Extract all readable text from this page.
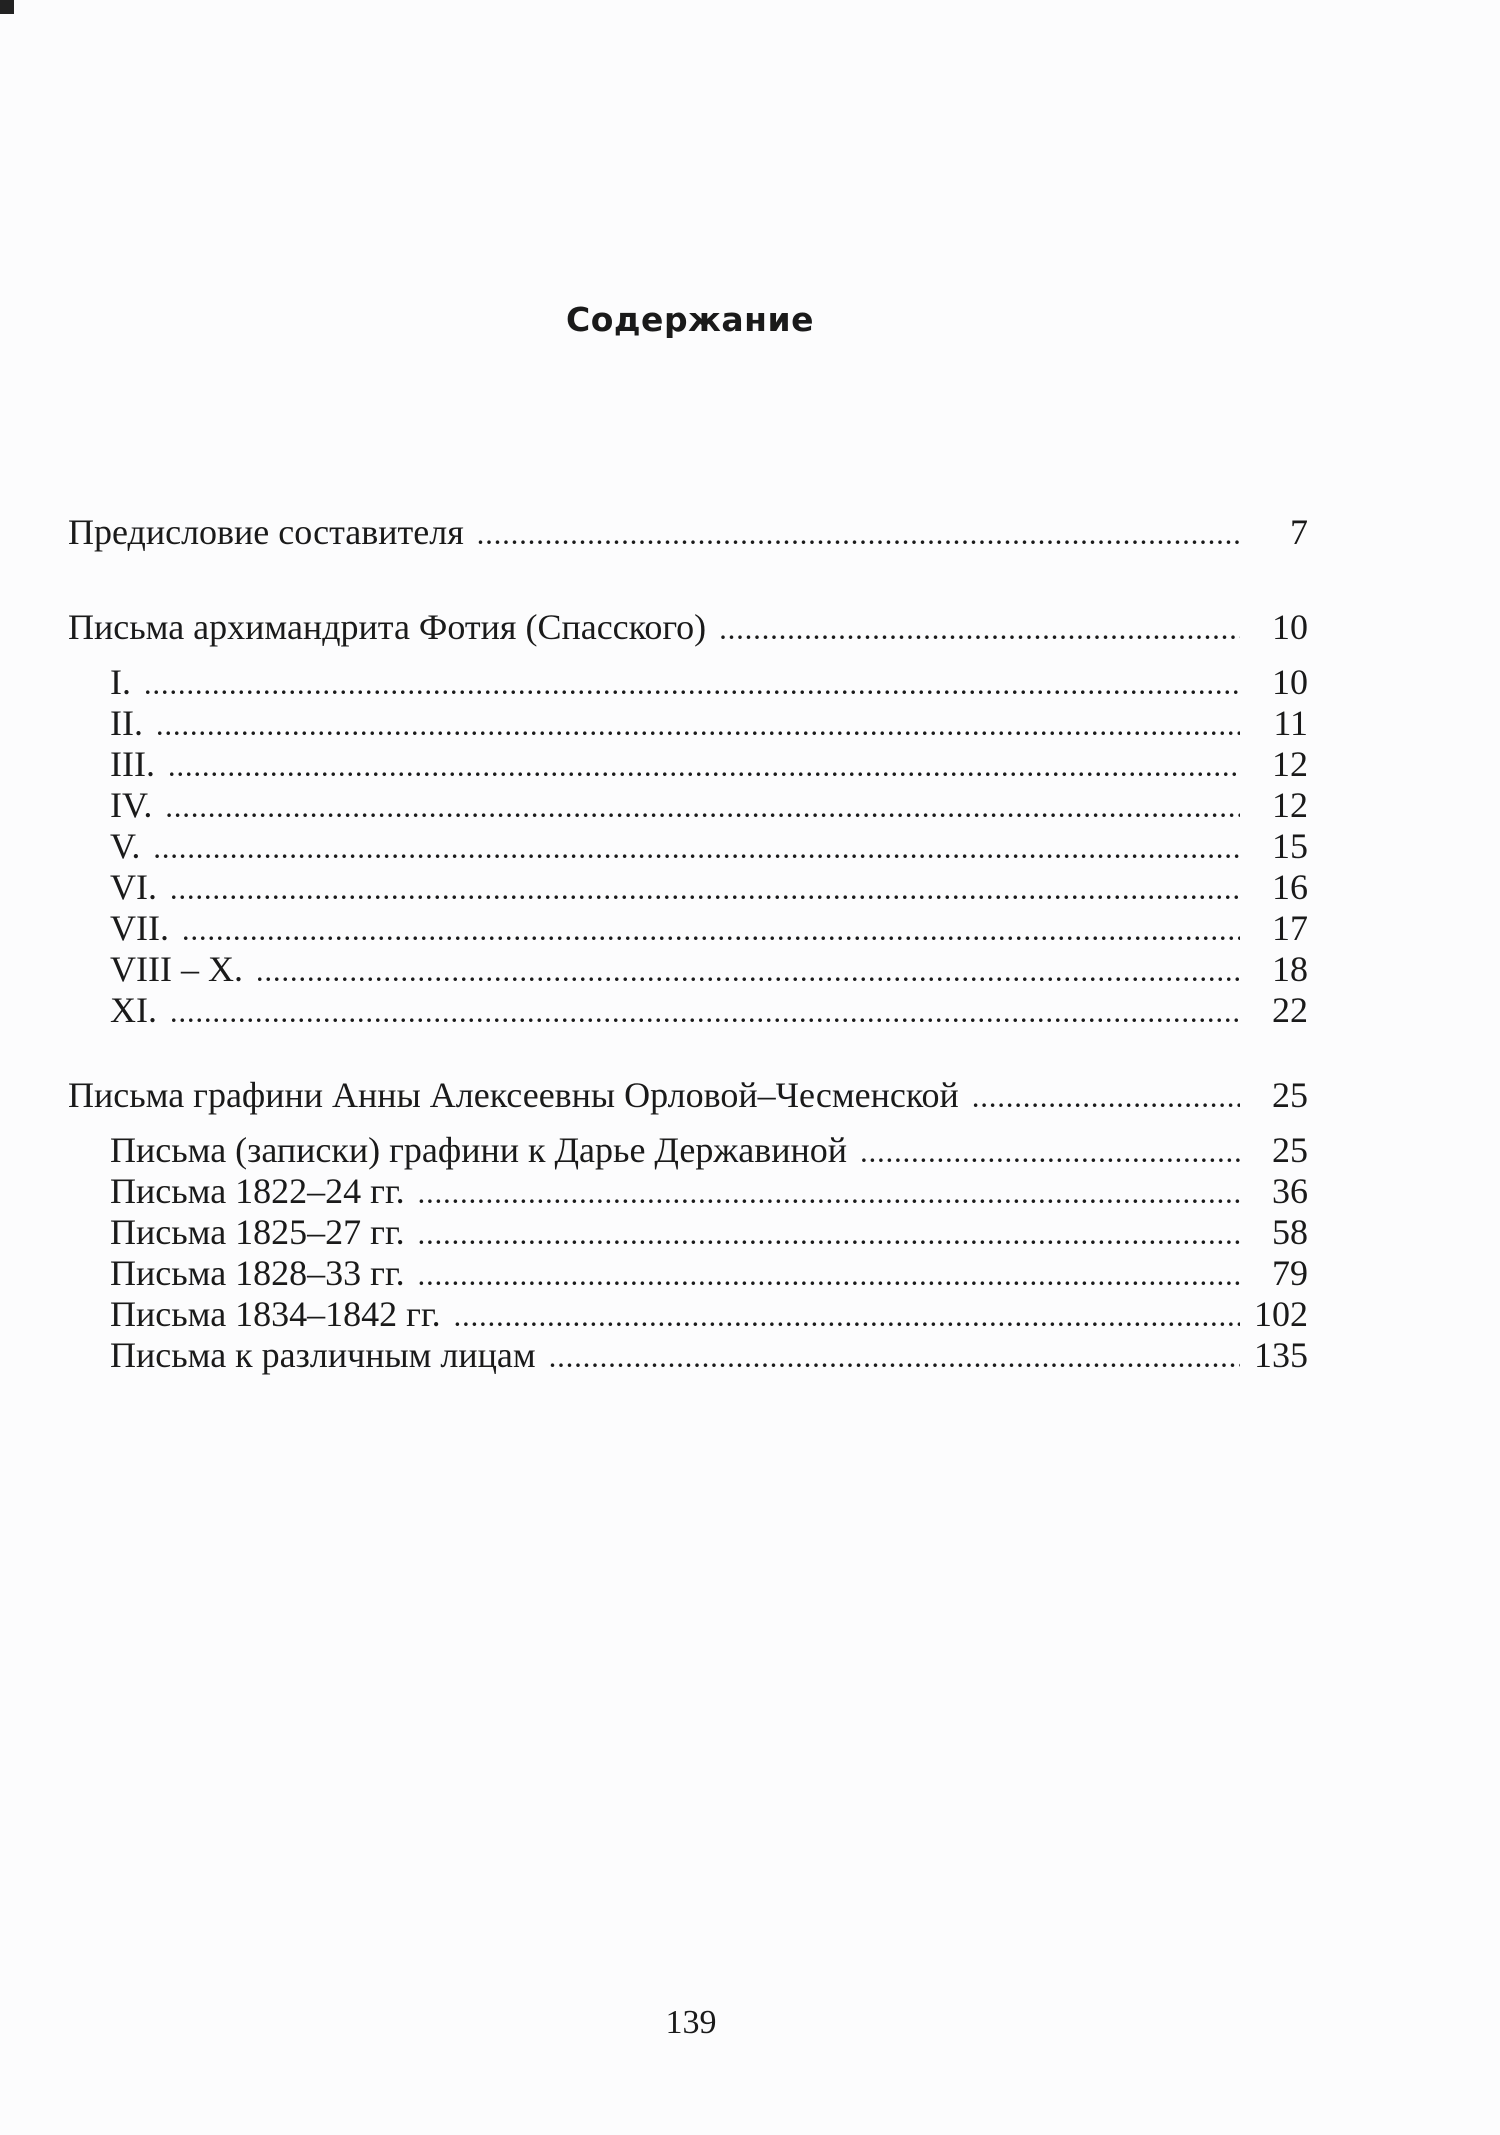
Содержание
Предисловие составителя .....	7
Письма архимандрита Фотия (Спасского) .....	10
I. .....	10
II. .....	11
III. .....	12
IV. .....	12
V. .....	15
VI. .....	16
VII. .....	17
VIII – X. .....	18
XI. .....	22
Письма графини Анны Алексеевны Орловой–Чесменской .....	25
Письма (записки) графини к Дарье Державиной .....	25
Письма 1822–24 гг. .....	36
Письма 1825–27 гг. .....	58
Письма 1828–33 гг. .....	79
Письма 1834–1842 гг. .....	102
Письма к различным лицам .....	135
139
